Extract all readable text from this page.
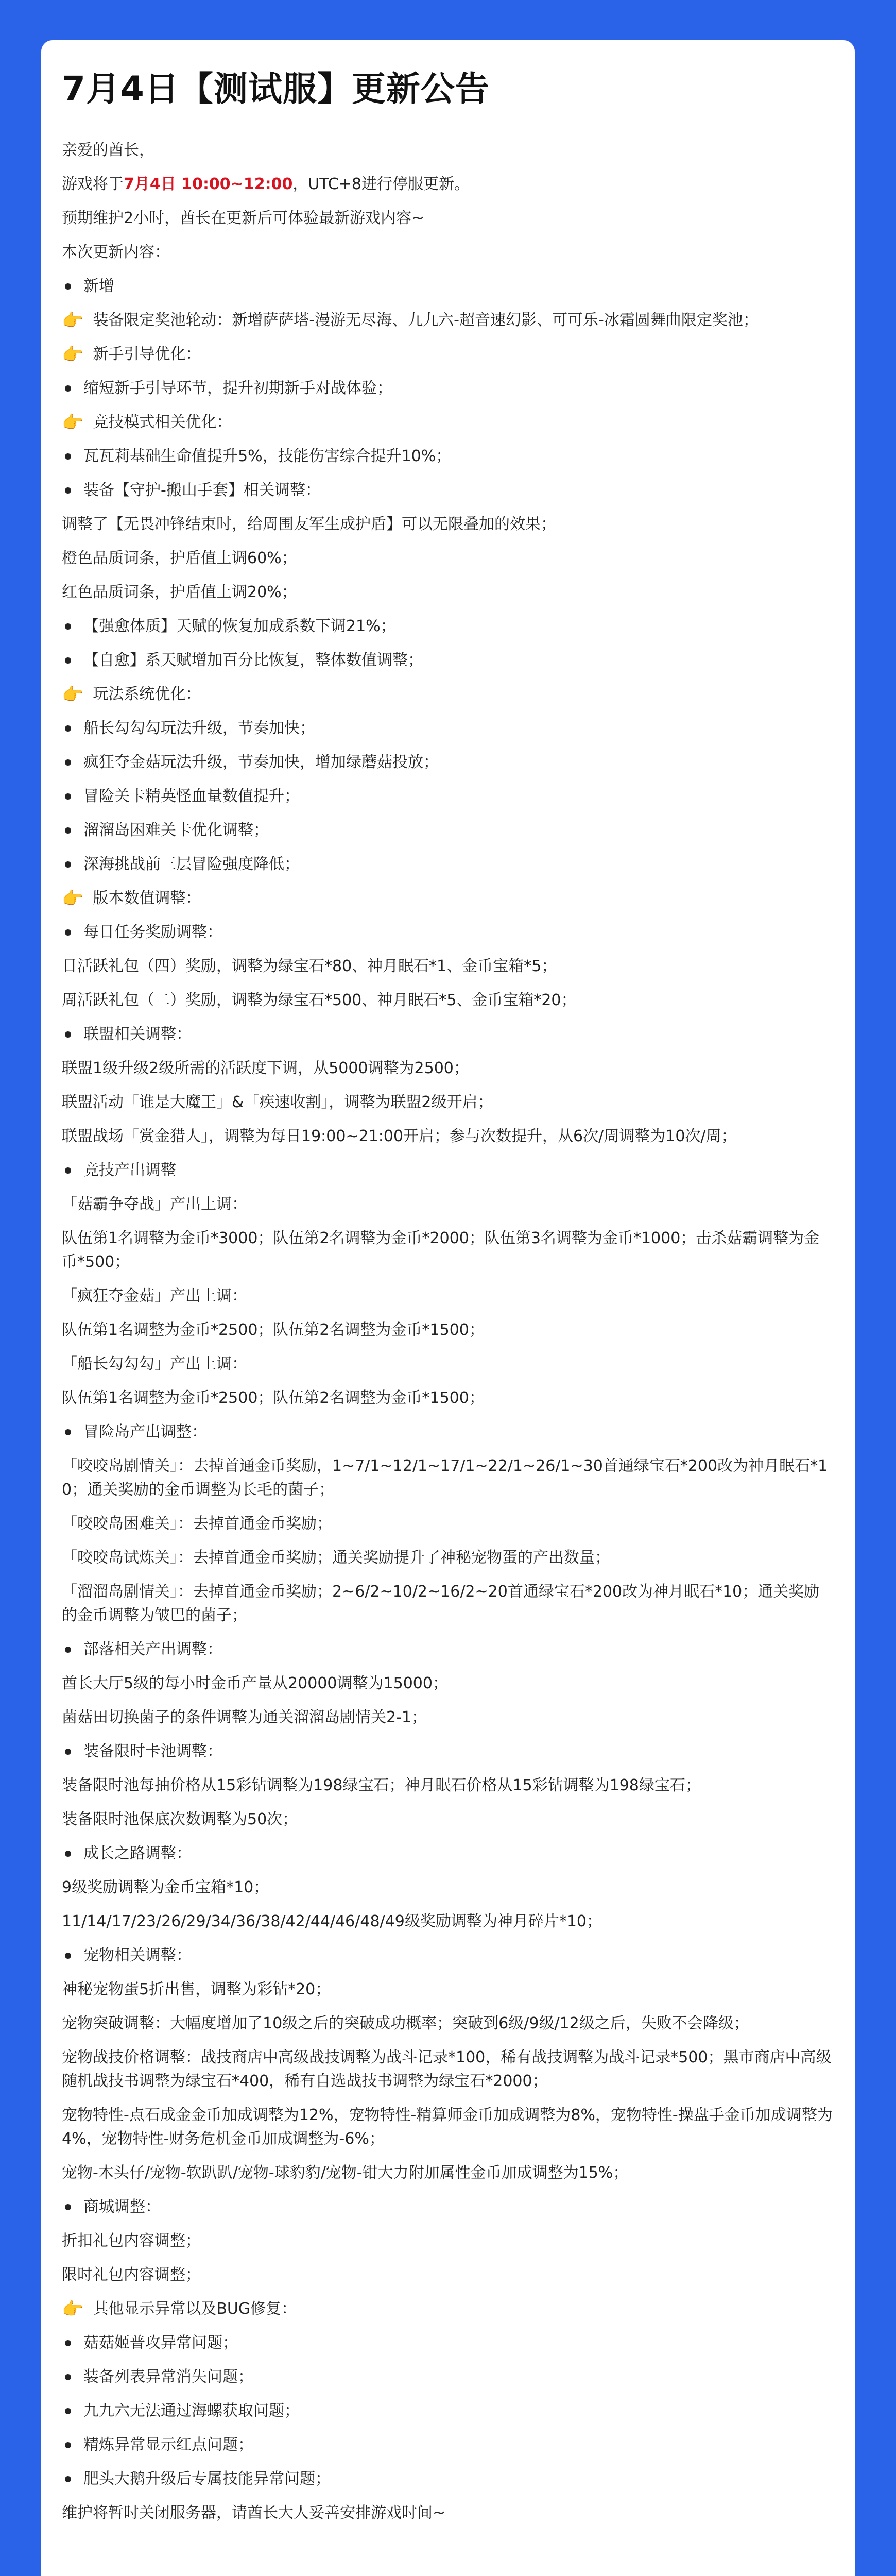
7月4日【测试服】更新公告
亲爱的酋长，
游戏将于7月4日 10:00~12:00，UTC+8进行停服更新。
预期维护2小时，酋长在更新后可体验最新游戏内容~
本次更新内容：
新增
👉 装备限定奖池轮动：新增萨萨塔-漫游无尽海、九九六-超音速幻影、可可乐-冰霜圆舞曲限定奖池；
👉 新手引导优化：
缩短新手引导环节，提升初期新手对战体验；
👉 竞技模式相关优化：
瓦瓦莉基础生命值提升5%，技能伤害综合提升10%；
装备【守护-搬山手套】相关调整：
调整了【无畏冲锋结束时，给周围友军生成护盾】可以无限叠加的效果；
橙色品质词条，护盾值上调60%；
红色品质词条，护盾值上调20%；
【强愈体质】天赋的恢复加成系数下调21%；
【自愈】系天赋增加百分比恢复，整体数值调整；
👉 玩法系统优化：
船长勾勾勾玩法升级，节奏加快；
疯狂夺金菇玩法升级，节奏加快，增加绿蘑菇投放；
冒险关卡精英怪血量数值提升；
溜溜岛困难关卡优化调整；
深海挑战前三层冒险强度降低；
👉 版本数值调整：
每日任务奖励调整：
日活跃礼包（四）奖励，调整为绿宝石*80、神月眠石*1、金币宝箱*5；
周活跃礼包（二）奖励，调整为绿宝石*500、神月眠石*5、金币宝箱*20；
联盟相关调整：
联盟1级升级2级所需的活跃度下调，从5000调整为2500；
联盟活动「谁是大魔王」&「疾速收割」，调整为联盟2级开启；
联盟战场「赏金猎人」，调整为每日19:00~21:00开启；参与次数提升，从6次/周调整为10次/周；
竞技产出调整
「菇霸争夺战」产出上调：
队伍第1名调整为金币*3000；队伍第2名调整为金币*2000；队伍第3名调整为金币*1000；击杀菇霸调整为金币*500；
「疯狂夺金菇」产出上调：
队伍第1名调整为金币*2500；队伍第2名调整为金币*1500；
「船长勾勾勾」产出上调：
队伍第1名调整为金币*2500；队伍第2名调整为金币*1500；
冒险岛产出调整：
「咬咬岛剧情关」：去掉首通金币奖励，1~7/1~12/1~17/1~22/1~26/1~30首通绿宝石*200改为神月眠石*10；通关奖励的金币调整为长毛的菌子；
「咬咬岛困难关」：去掉首通金币奖励；
「咬咬岛试炼关」：去掉首通金币奖励；通关奖励提升了神秘宠物蛋的产出数量；
「溜溜岛剧情关」：去掉首通金币奖励；2~6/2~10/2~16/2~20首通绿宝石*200改为神月眠石*10；通关奖励的金币调整为皱巴的菌子；
部落相关产出调整：
酋长大厅5级的每小时金币产量从20000调整为15000；
菌菇田切换菌子的条件调整为通关溜溜岛剧情关2-1；
装备限时卡池调整：
装备限时池每抽价格从15彩钻调整为198绿宝石；神月眠石价格从15彩钻调整为198绿宝石；
装备限时池保底次数调整为50次；
成长之路调整：
9级奖励调整为金币宝箱*10；
11/14/17/23/26/29/34/36/38/42/44/46/48/49级奖励调整为神月碎片*10；
宠物相关调整：
神秘宠物蛋5折出售，调整为彩钻*20；
宠物突破调整：大幅度增加了10级之后的突破成功概率；突破到6级/9级/12级之后，失败不会降级；
宠物战技价格调整：战技商店中高级战技调整为战斗记录*100，稀有战技调整为战斗记录*500；黑市商店中高级随机战技书调整为绿宝石*400，稀有自选战技书调整为绿宝石*2000；
宠物特性-点石成金金币加成调整为12%，宠物特性-精算师金币加成调整为8%，宠物特性-操盘手金币加成调整为4%，宠物特性-财务危机金币加成调整为-6%；
宠物-木头仔/宠物-软趴趴/宠物-球豹豹/宠物-钳大力附加属性金币加成调整为15%；
商城调整：
折扣礼包内容调整；
限时礼包内容调整；
👉 其他显示异常以及BUG修复：
菇菇姬普攻异常问题；
装备列表异常消失问题；
九九六无法通过海螺获取问题；
精炼异常显示红点问题；
肥头大鹅升级后专属技能异常问题；
维护将暂时关闭服务器，请酋长大人妥善安排游戏时间~
